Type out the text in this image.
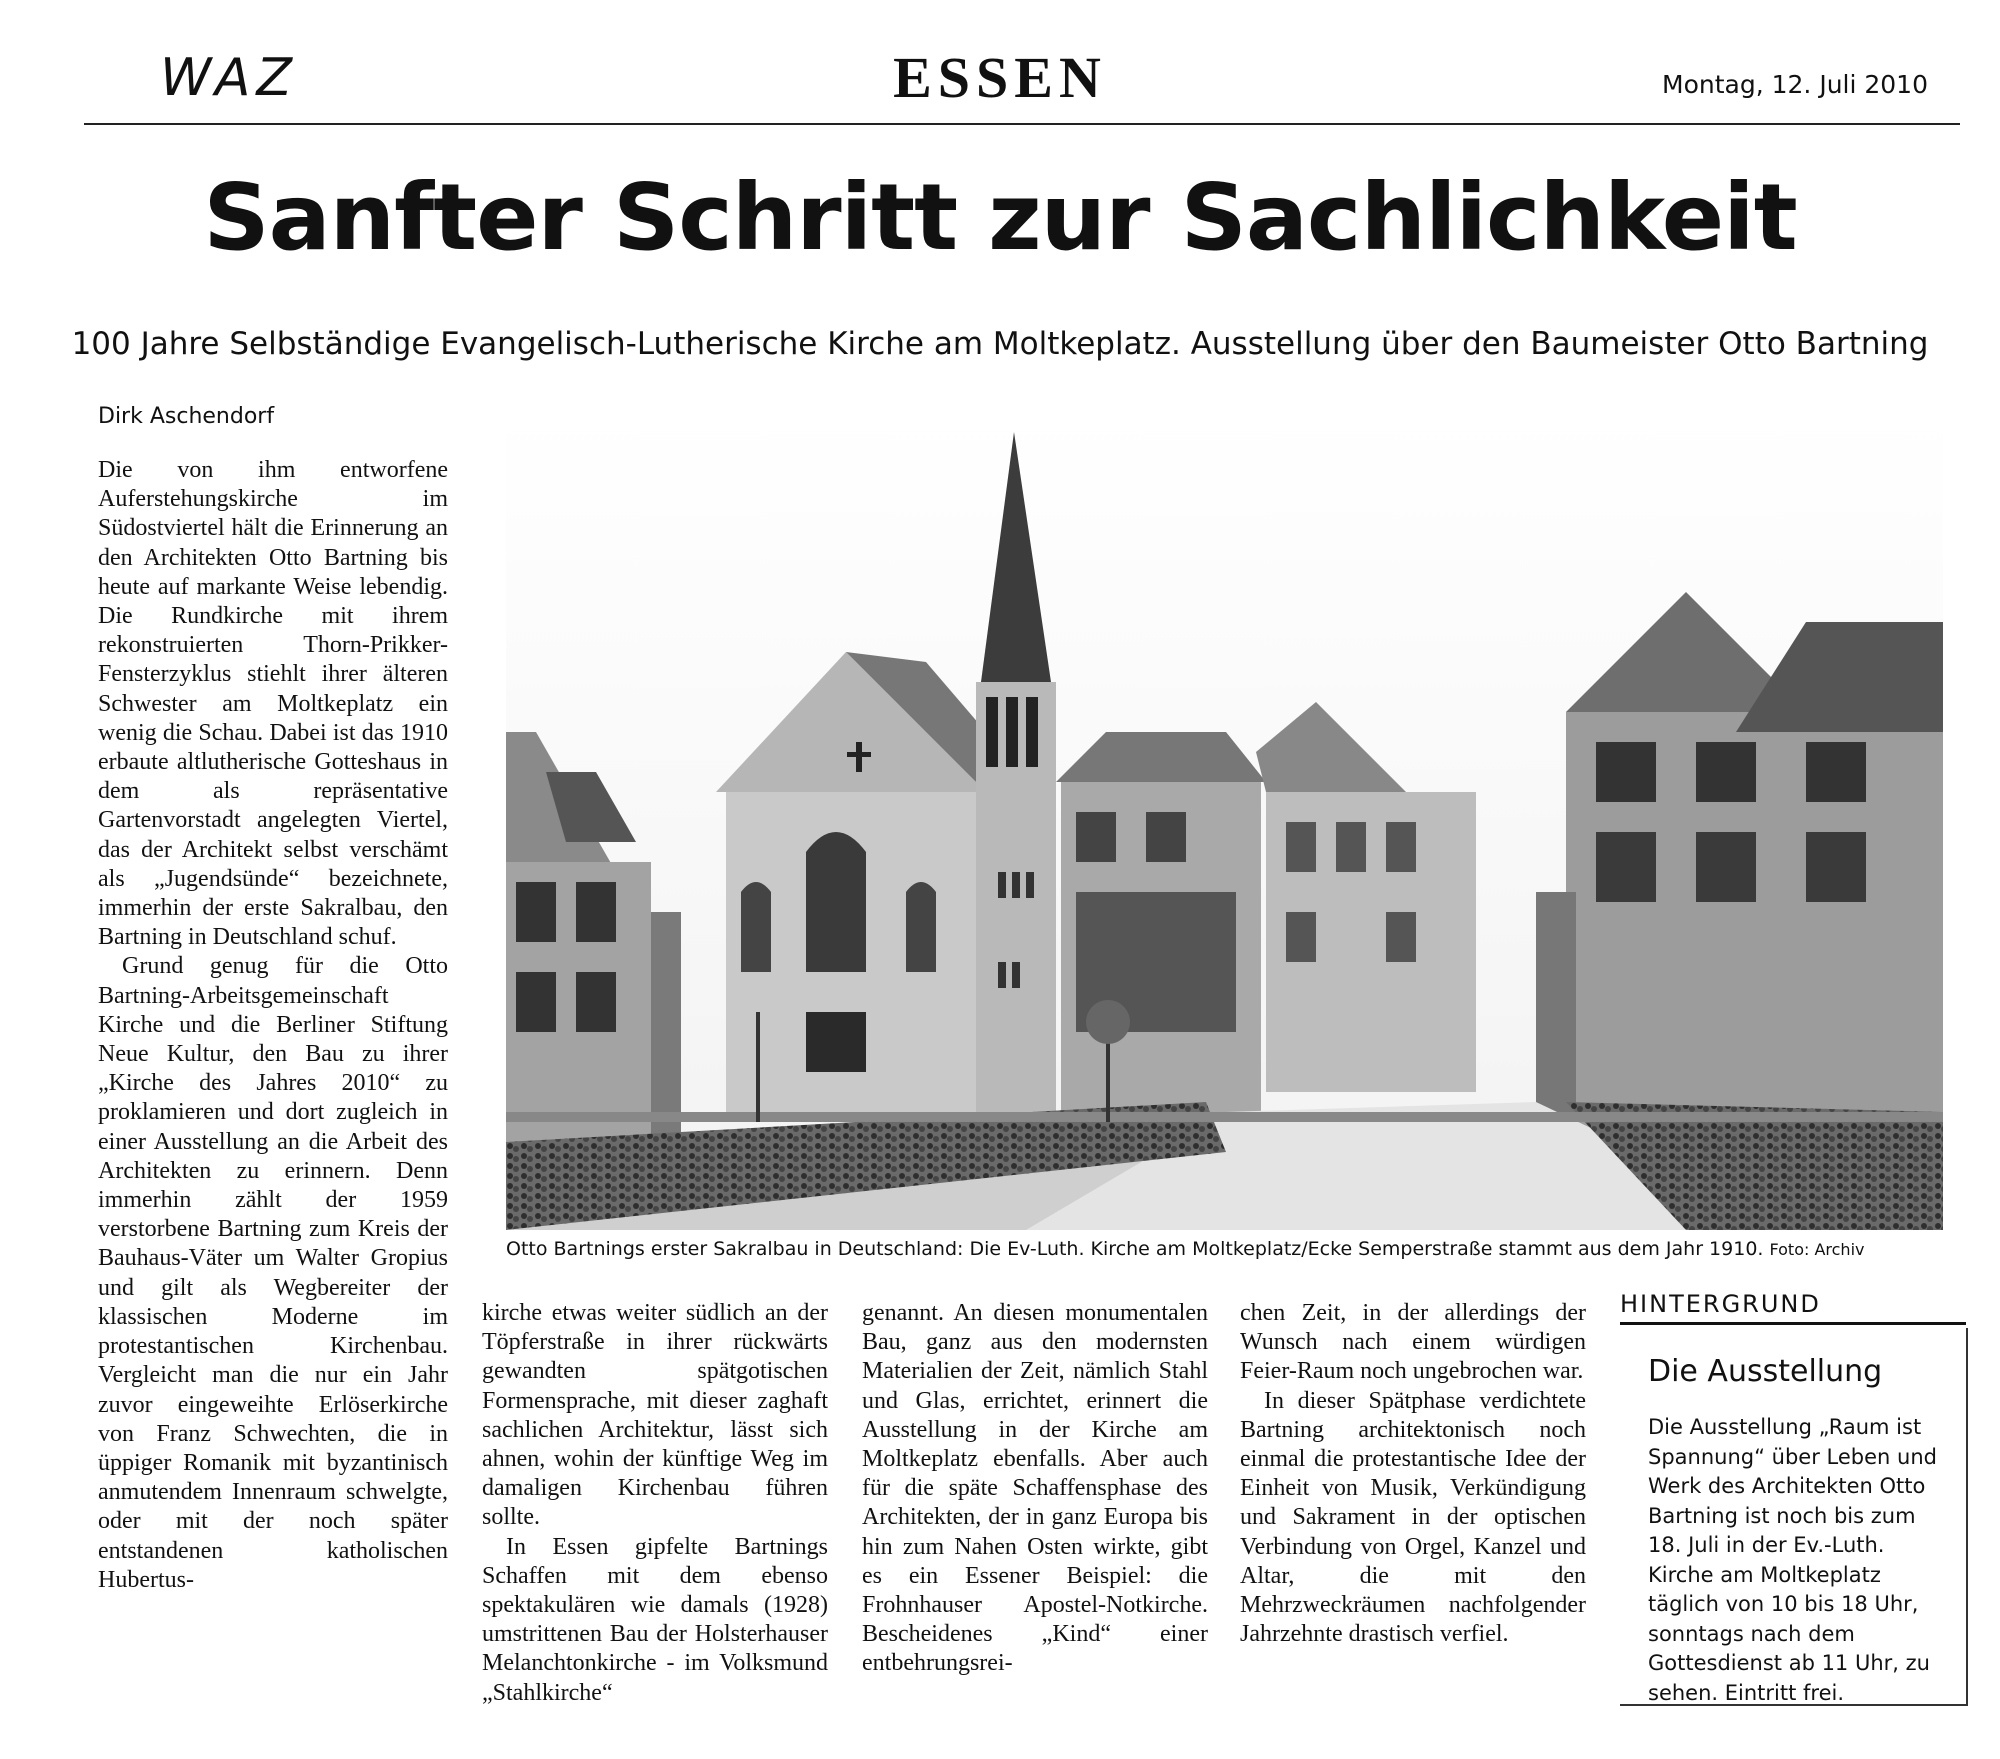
WAZ	ESSEN	Montag, 12. Juli 2010
Sanfter Schritt zur Sachlichkeit
100 Jahre Selbständige Evangelisch-Lutherische Kirche am Moltkeplatz. Ausstellung über den Baumeister Otto Bartning
Dirk Aschendorf

Die von ihm entworfene Auferstehungskirche im Südostviertel hält die Erinnerung an den Architekten Otto Bartning bis heute auf markante Weise lebendig. Die Rundkirche mit ihrem rekonstruierten Thorn-Prikker-Fensterzyklus stiehlt ihrer älteren Schwester am Moltkeplatz ein wenig die Schau. Dabei ist das 1910 erbaute altlutherische Gotteshaus in dem als repräsentative Gartenvorstadt angelegten Viertel, das der Architekt selbst verschämt als „Jugendsünde“ bezeichnete, immerhin der erste Sakralbau, den Bartning in Deutschland schuf.

Grund genug für die Otto Bartning-Arbeitsgemeinschaft Kirche und die Berliner Stiftung Neue Kultur, den Bau zu ihrer „Kirche des Jahres 2010“ zu proklamieren und dort zugleich in einer Ausstellung an die Arbeit des Architekten zu erinnern. Denn immerhin zählt der 1959 verstorbene Bartning zum Kreis der Bauhaus-Väter um Walter Gropius und gilt als Wegbereiter der klassischen Moderne im protestantischen Kirchenbau. Vergleicht man die nur ein Jahr zuvor eingeweihte Erlöserkirche von Franz Schwechten, die in üppiger Romanik mit byzantinisch anmutendem Innenraum schwelgte, oder mit der noch später entstandenen katholischen Hubertus-

Otto Bartnings erster Sakralbau in Deutschland: Die Ev-Luth. Kirche am Moltkeplatz/Ecke Semperstraße stammt aus dem Jahr 1910. Foto: Archiv

kirche etwas weiter südlich an der Töpferstraße in ihrer rückwärts gewandten spätgotischen Formensprache, mit dieser zaghaft sachlichen Architektur, lässt sich ahnen, wohin der künftige Weg im damaligen Kirchenbau führen sollte.

In Essen gipfelte Bartnings Schaffen mit dem ebenso spektakulären wie damals (1928) umstrittenen Bau der Holsterhauser Melanchtonkirche - im Volksmund „Stahlkirche“

genannt. An diesen monumentalen Bau, ganz aus den modernsten Materialien der Zeit, nämlich Stahl und Glas, errichtet, erinnert die Ausstellung in der Kirche am Moltkeplatz ebenfalls. Aber auch für die späte Schaffensphase des Architekten, der in ganz Europa bis hin zum Nahen Osten wirkte, gibt es ein Essener Beispiel: die Frohnhauser Apostel-Notkirche. Bescheidenes „Kind“ einer entbehrungsrei-

chen Zeit, in der allerdings der Wunsch nach einem würdigen Feier-Raum noch ungebrochen war.

In dieser Spätphase verdichtete Bartning architektonisch noch einmal die protestantische Idee der Einheit von Musik, Verkündigung und Sakrament in der optischen Verbindung von Orgel, Kanzel und Altar, die mit den Mehrzweckräumen nachfolgender Jahrzehnte drastisch verfiel.

HINTERGRUND
Die Ausstellung
Die Ausstellung „Raum ist Spannung“ über Leben und Werk des Architekten Otto Bartning ist noch bis zum 18. Juli in der Ev.-Luth. Kirche am Moltkeplatz täglich von 10 bis 18 Uhr, sonntags nach dem Gottesdienst ab 11 Uhr, zu sehen. Eintritt frei.
